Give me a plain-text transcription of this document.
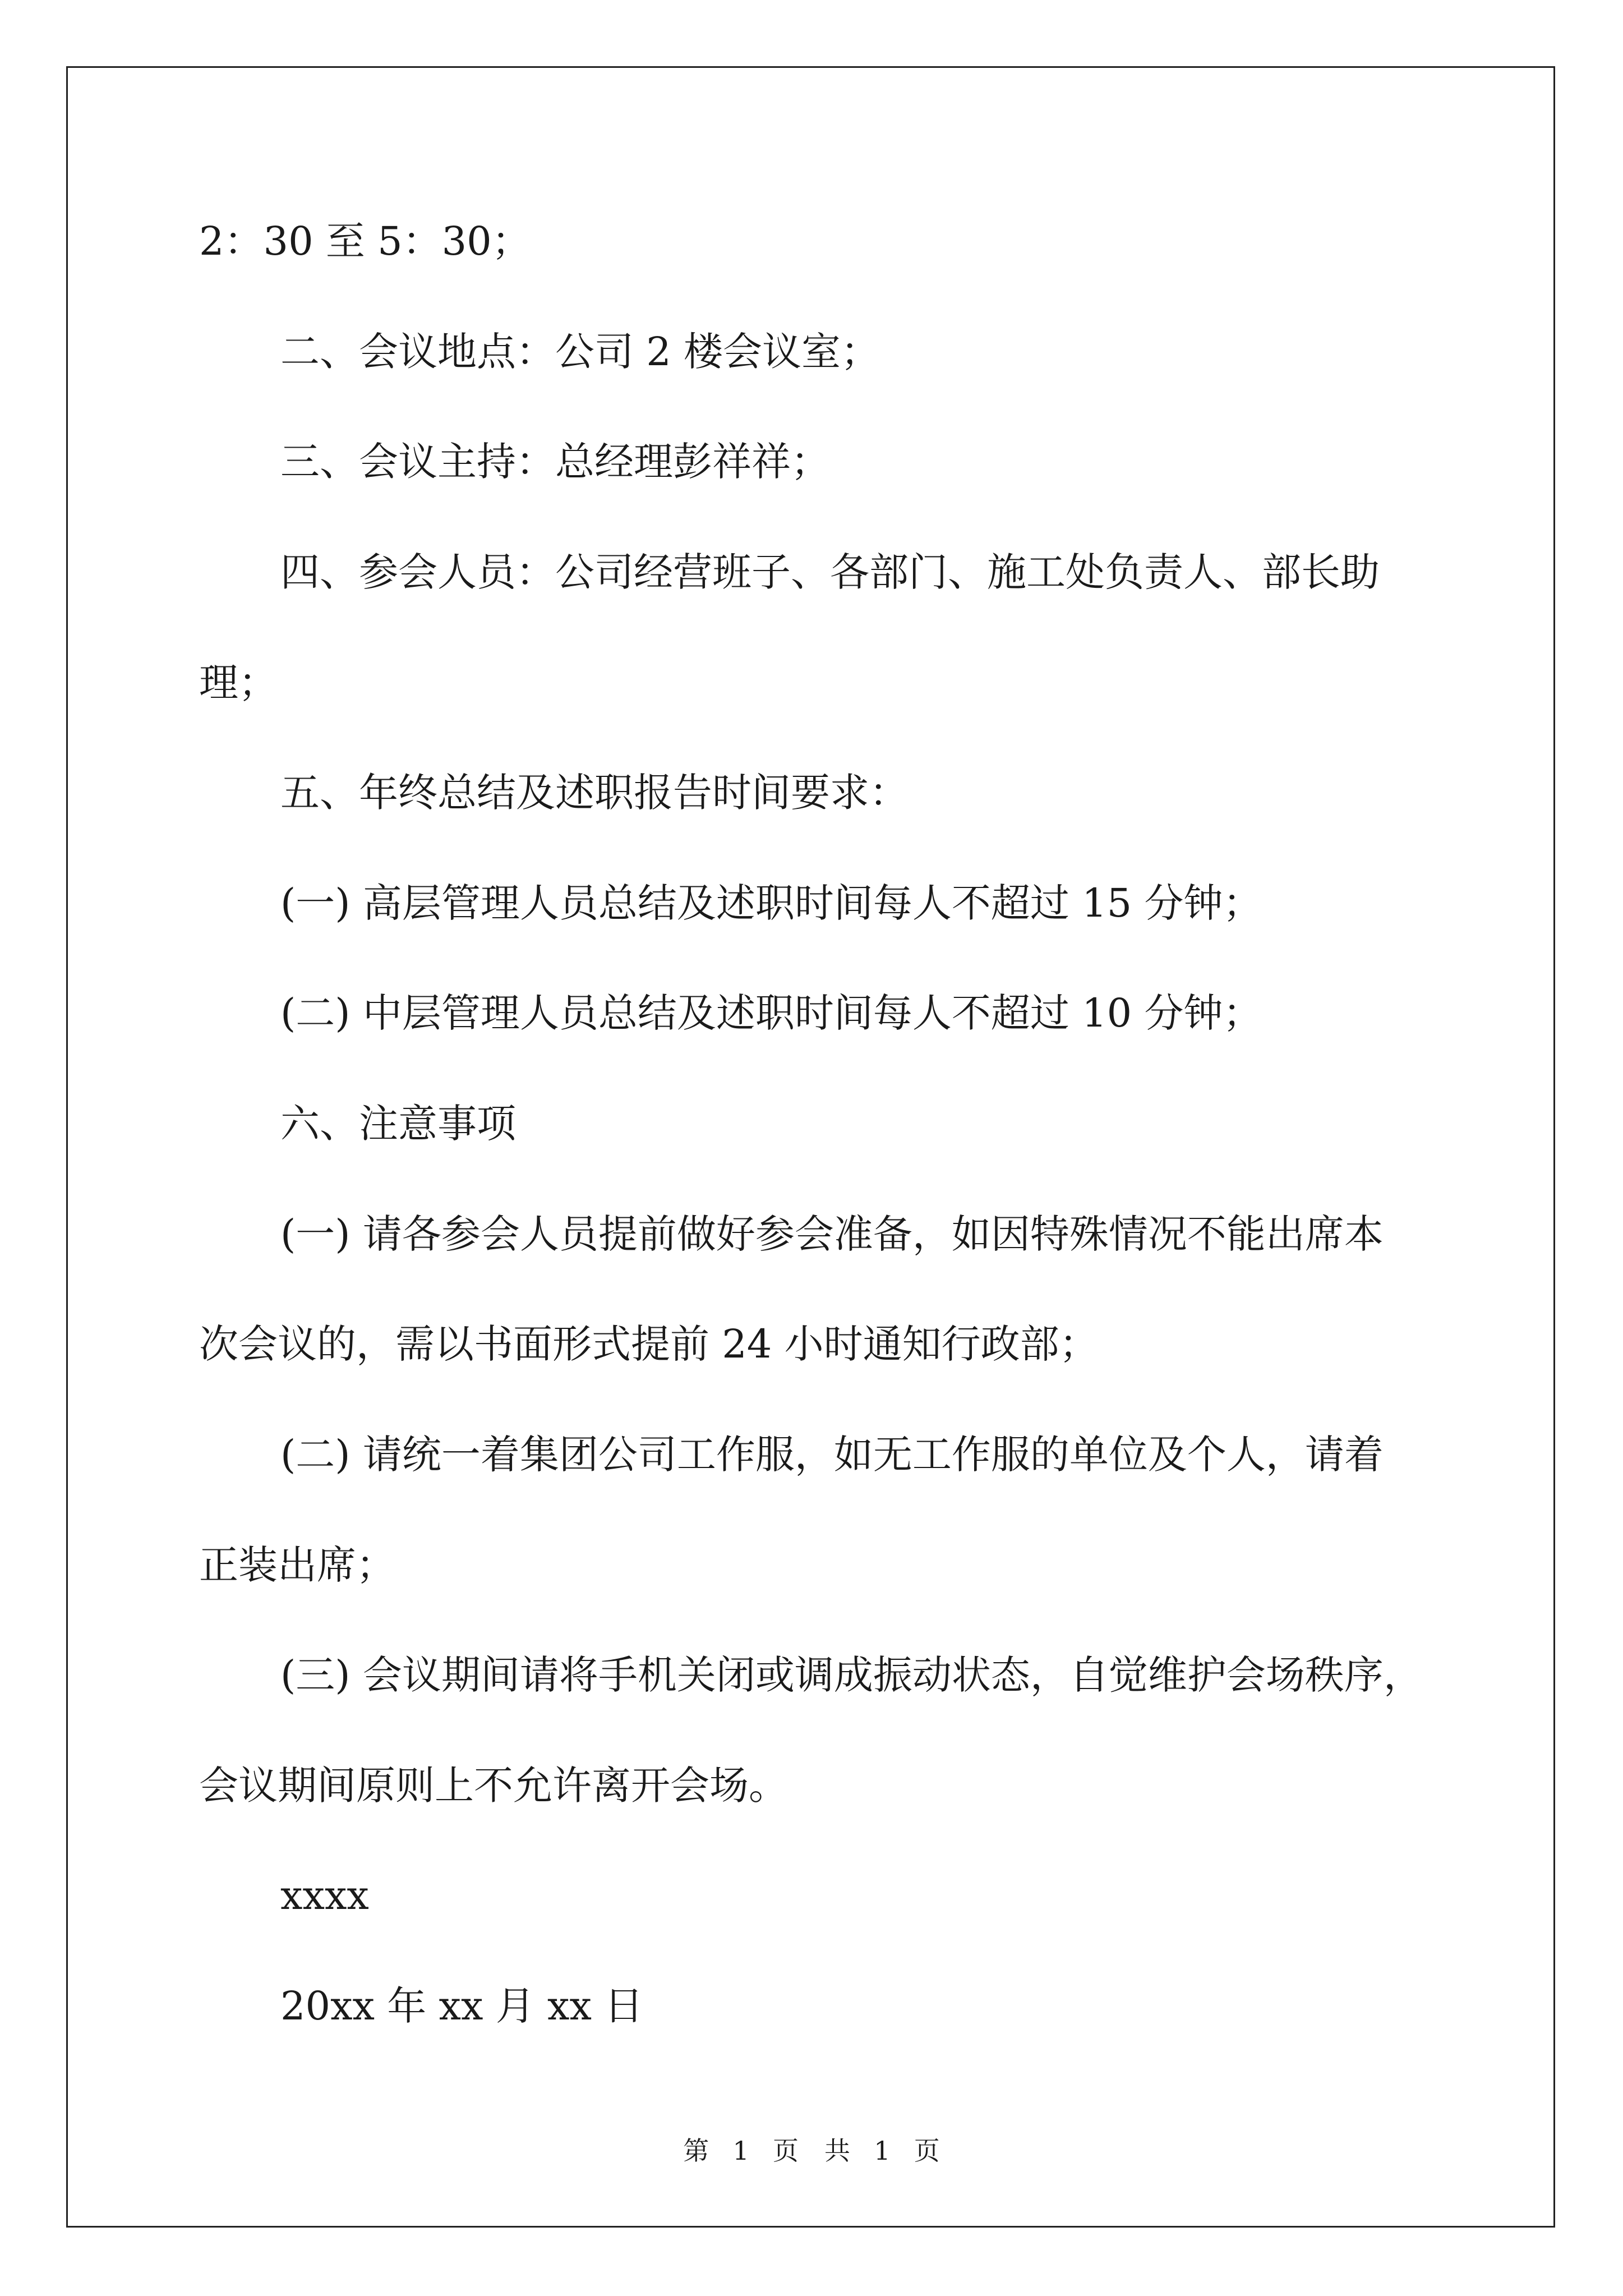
2：30 至 5：30；
二、会议地点：公司 2 楼会议室；
三、会议主持：总经理彭祥祥；
四、参会人员：公司经营班子、各部门、施工处负责人、部长助
理；
五、年终总结及述职报告时间要求：
(一) 高层管理人员总结及述职时间每人不超过 15 分钟；
(二) 中层管理人员总结及述职时间每人不超过 10 分钟；
六、注意事项
(一) 请各参会人员提前做好参会准备，如因特殊情况不能出席本
次会议的，需以书面形式提前 24 小时通知行政部；
(二) 请统一着集团公司工作服，如无工作服的单位及个人，请着
正装出席；
(三) 会议期间请将手机关闭或调成振动状态，自觉维护会场秩序，
会议期间原则上不允许离开会场。
xxxx
20xx 年 xx 月 xx 日
第 1 页　共 1 页
